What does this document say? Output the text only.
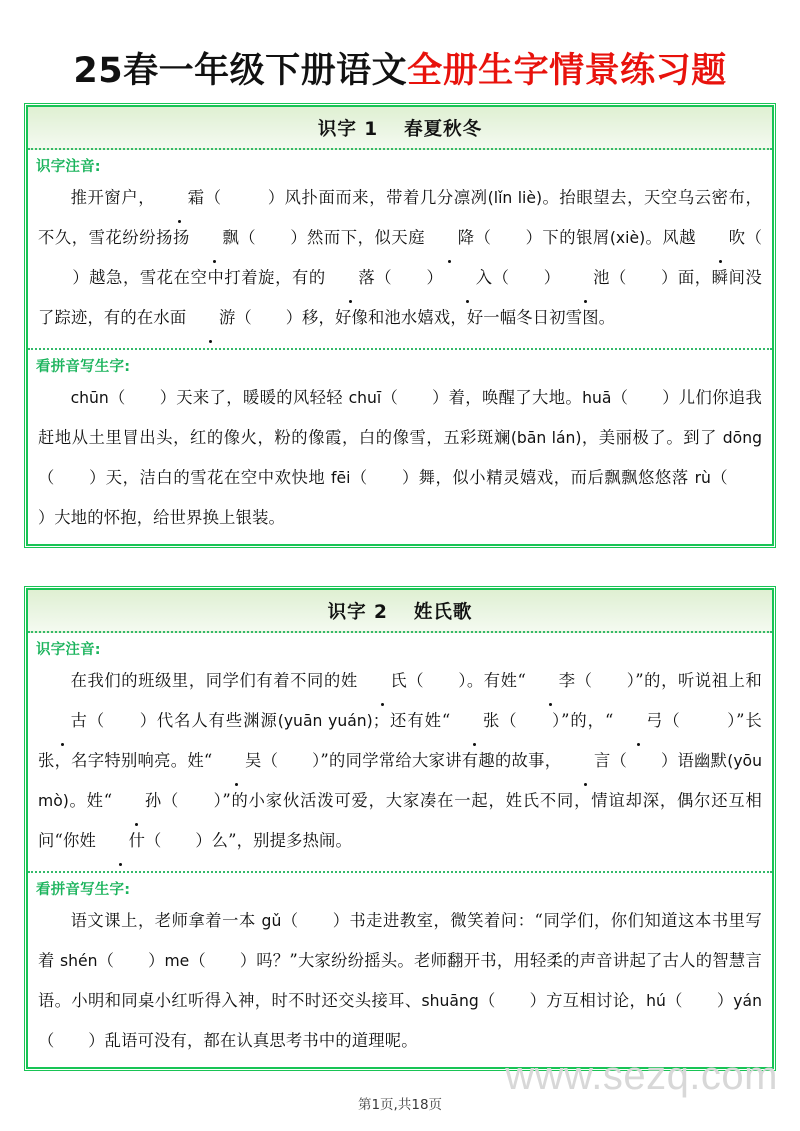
25春一年级下册语文全册生字情景练习题
识字 1 春夏秋冬
识字注音:

推开窗户， 霜（	）风扑面而来，带着几分凛冽(lǐn liè)。抬眼望去，天空乌云密布，不久，雪花纷纷扬扬 飘（ ）然而下，似天庭 降（ ）下的银屑(xiè)。风越 吹（）越急，雪花在空中打着旋，有的 落（ ） 入（ ） 池（ ）面，瞬间没了踪迹，有的在水面 游（ ）移，好像和池水嬉戏，好一幅冬日初雪图。

看拼音写生字:

chūn（ ）天来了，暖暖的风轻轻 chuī（ ）着，唤醒了大地。huā（ ）儿们你追我赶地从土里冒出头，红的像火，粉的像霞，白的像雪，五彩斑斓(bān lán)，美丽极了。到了 dōng（ ）天，洁白的雪花在空中欢快地 fēi（ ）舞，似小精灵嬉戏，而后飘飘悠悠落 rù（）大地的怀抱，给世界换上银装。

识字 2 姓氏歌
识字注音:

在我们的班级里，同学们有着不同的姓 氏（ ）。有姓“ 李（ ）”的，听说祖上和古（ ）代名人有些渊源(yuān yuán)；还有姓“ 张（ ）”的，“ 弓（	）”长张，名字特别响亮。姓“ 吴（ ）”的同学常给大家讲有趣的故事， 言（ ）语幽默(yōu mò)。姓“ 孙（ ）”的小家伙活泼可爱，大家凑在一起，姓氏不同，情谊却深，偶尔还互相问“你姓 什（ ）么”，别提多热闹。

看拼音写生字:

语文课上，老师拿着一本 gǔ（ ）书走进教室，微笑着问：“同学们，你们知道这本书里写着 shén（ ）me（ ）吗？”大家纷纷摇头。老师翻开书，用轻柔的声音讲起了古人的智慧言语。小明和同桌小红听得入神，时不时还交头接耳、shuāng（ ）方互相讨论，hú（ ）yán（ ）乱语可没有，都在认真思考书中的道理呢。

www.sezq.com
第1页,共18页
